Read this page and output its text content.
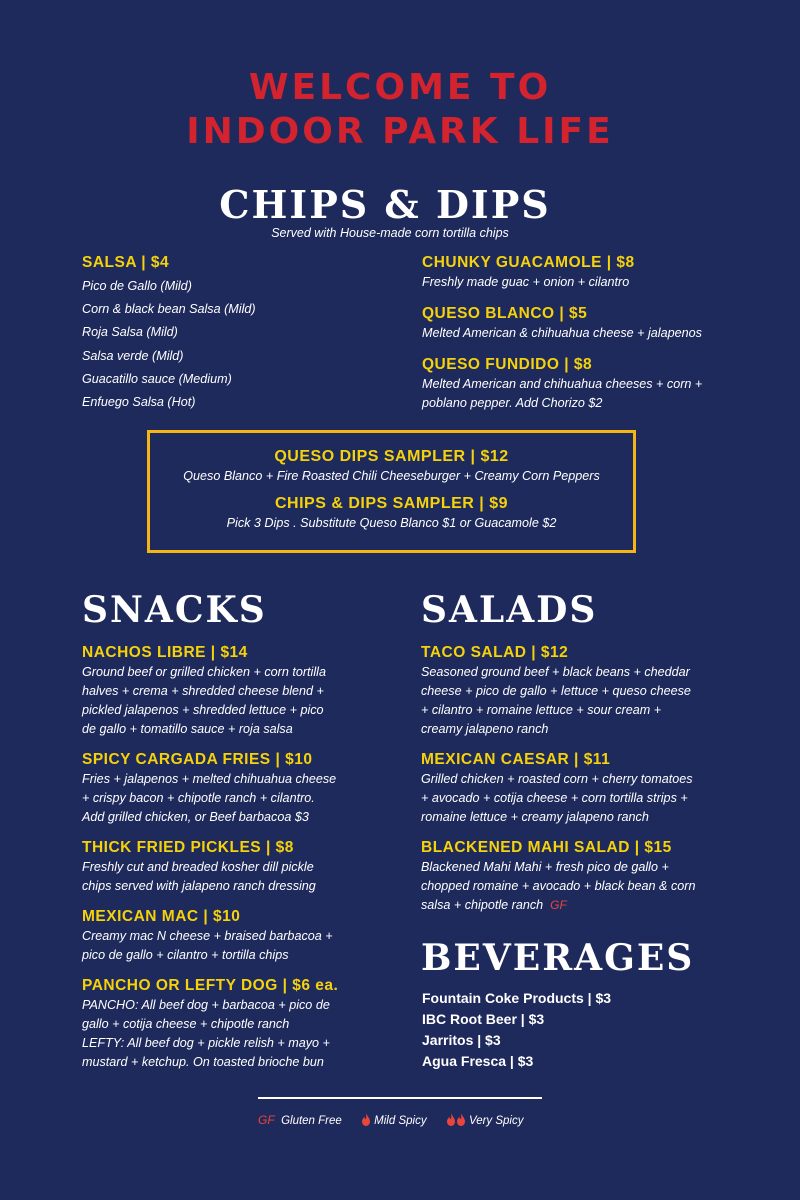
WELCOME TO
INDOOR PARK LIFE
CHIPS & DIPS
Served with House-made corn tortilla chips
SALSA | $4
Pico de Gallo (Mild)
Corn & black bean Salsa (Mild)
Roja Salsa (Mild)
Salsa verde (Mild)
Guacatillo sauce (Medium)
Enfuego Salsa (Hot)
CHUNKY GUACAMOLE | $8
Freshly made guac + onion + cilantro
QUESO BLANCO | $5
Melted American & chihuahua cheese + jalapenos
QUESO FUNDIDO | $8
Melted American and chihuahua cheeses + corn +
poblano pepper. Add Chorizo $2
QUESO DIPS SAMPLER | $12
Queso Blanco + Fire Roasted Chili Cheeseburger + Creamy Corn Peppers
CHIPS & DIPS SAMPLER | $9
Pick 3 Dips . Substitute Queso Blanco $1 or Guacamole $2
SNACKS
NACHOS LIBRE | $14
Ground beef or grilled chicken + corn tortilla
halves + crema + shredded cheese blend +
pickled jalapenos + shredded lettuce + pico
de gallo + tomatillo sauce + roja salsa
SPICY CARGADA FRIES | $10
Fries + jalapenos + melted chihuahua cheese
+ crispy bacon + chipotle ranch + cilantro.
Add grilled chicken, or Beef barbacoa $3
THICK FRIED PICKLES | $8
Freshly cut and breaded kosher dill pickle
chips served with jalapeno ranch dressing
MEXICAN MAC | $10
Creamy mac N cheese + braised barbacoa +
pico de gallo + cilantro + tortilla chips
PANCHO OR LEFTY DOG | $6 ea.
PANCHO: All beef dog + barbacoa + pico de
gallo + cotija cheese + chipotle ranch
LEFTY: All beef dog + pickle relish + mayo +
mustard + ketchup. On toasted brioche bun
SALADS
TACO SALAD | $12
Seasoned ground beef + black beans + cheddar
cheese + pico de gallo + lettuce + queso cheese
+ cilantro + romaine lettuce + sour cream +
creamy jalapeno ranch
MEXICAN CAESAR | $11
Grilled chicken + roasted corn + cherry tomatoes
+ avocado + cotija cheese + corn tortilla strips +
romaine lettuce + creamy jalapeno ranch
BLACKENED MAHI SALAD | $15
Blackened Mahi Mahi + fresh pico de gallo +
chopped romaine + avocado + black bean & corn
salsa + chipotle ranch GF
BEVERAGES
Fountain Coke Products | $3
IBC Root Beer | $3
Jarritos | $3
Agua Fresca | $3
GF Gluten Free	Mild Spicy	Very Spicy
